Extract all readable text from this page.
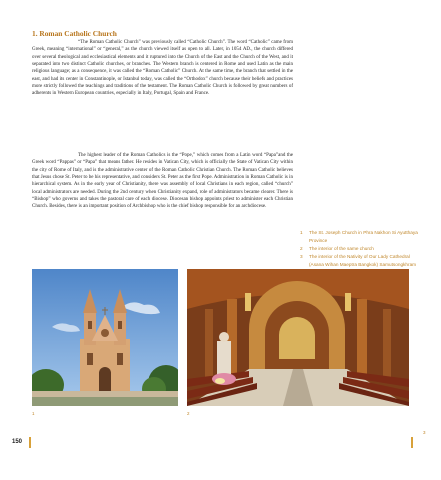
1. Roman Catholic Church

“The Roman Catholic Church” was previously called “Catholic Church”. The word “Catholic” came from Greek, meaning “international” or “general,” as the church viewed itself as open to all. Later, in 1054 AD., the church differed over several theological and ecclesiastical elements and it ruptured into the Church of the East and the Church of the West, and it separated into two distinct Catholic churches, or branches. The Western branch is centered in Rome and used Latin as the main religious language; as a consequence, it was called the “Roman Catholic” Church. At the same time, the branch that settled in the east, and had its center in Constantinople, or Istanbul today, was called the “Orthodox” church because their beliefs and practices more strictly followed the teachings and traditions of the testament. The Roman Catholic Church is followed by great numbers of adherents in Western European countries, especially in Italy, Portugal, Spain and France.

The highest leader of the Roman Catholics is the “Pope,” which comes from a Latin word “Papa”and the Greek word “Pappas” or “Papa” that means father. He resides in Vatican City, which is officially the State of Vatican City within the city of Rome of Italy, and is the administrative center of the Roman Catholic Christian Church. The Roman Catholic believes that Jesus chose St. Peter to be his representative, and considers St. Peter as the first Pope. Administration in Roman Catholic is in hierarchical system. As in the early year of Christianity, there was assembly of local Christians in each region, called “church” local administrators are needed. During the 2nd century when Christianity expand, role of administrators became clearer. There is “Bishop” who governs and takes the pastoral care of each diocese. Diocesan bishop appoints priest to administer each Christian Church. Besides, there is an important position of Archbishop who is the chief bishop responsible for an archdiocese.

1	The St. Joseph Church in Phra Nakhon Si Ayutthaya Province
2	The interior of the same church
3	The interior of the Nativity of Our Lady Cathedral (Asana Wihan Maeptra Bangkok) Samutsongkhram
1	2
150
3
